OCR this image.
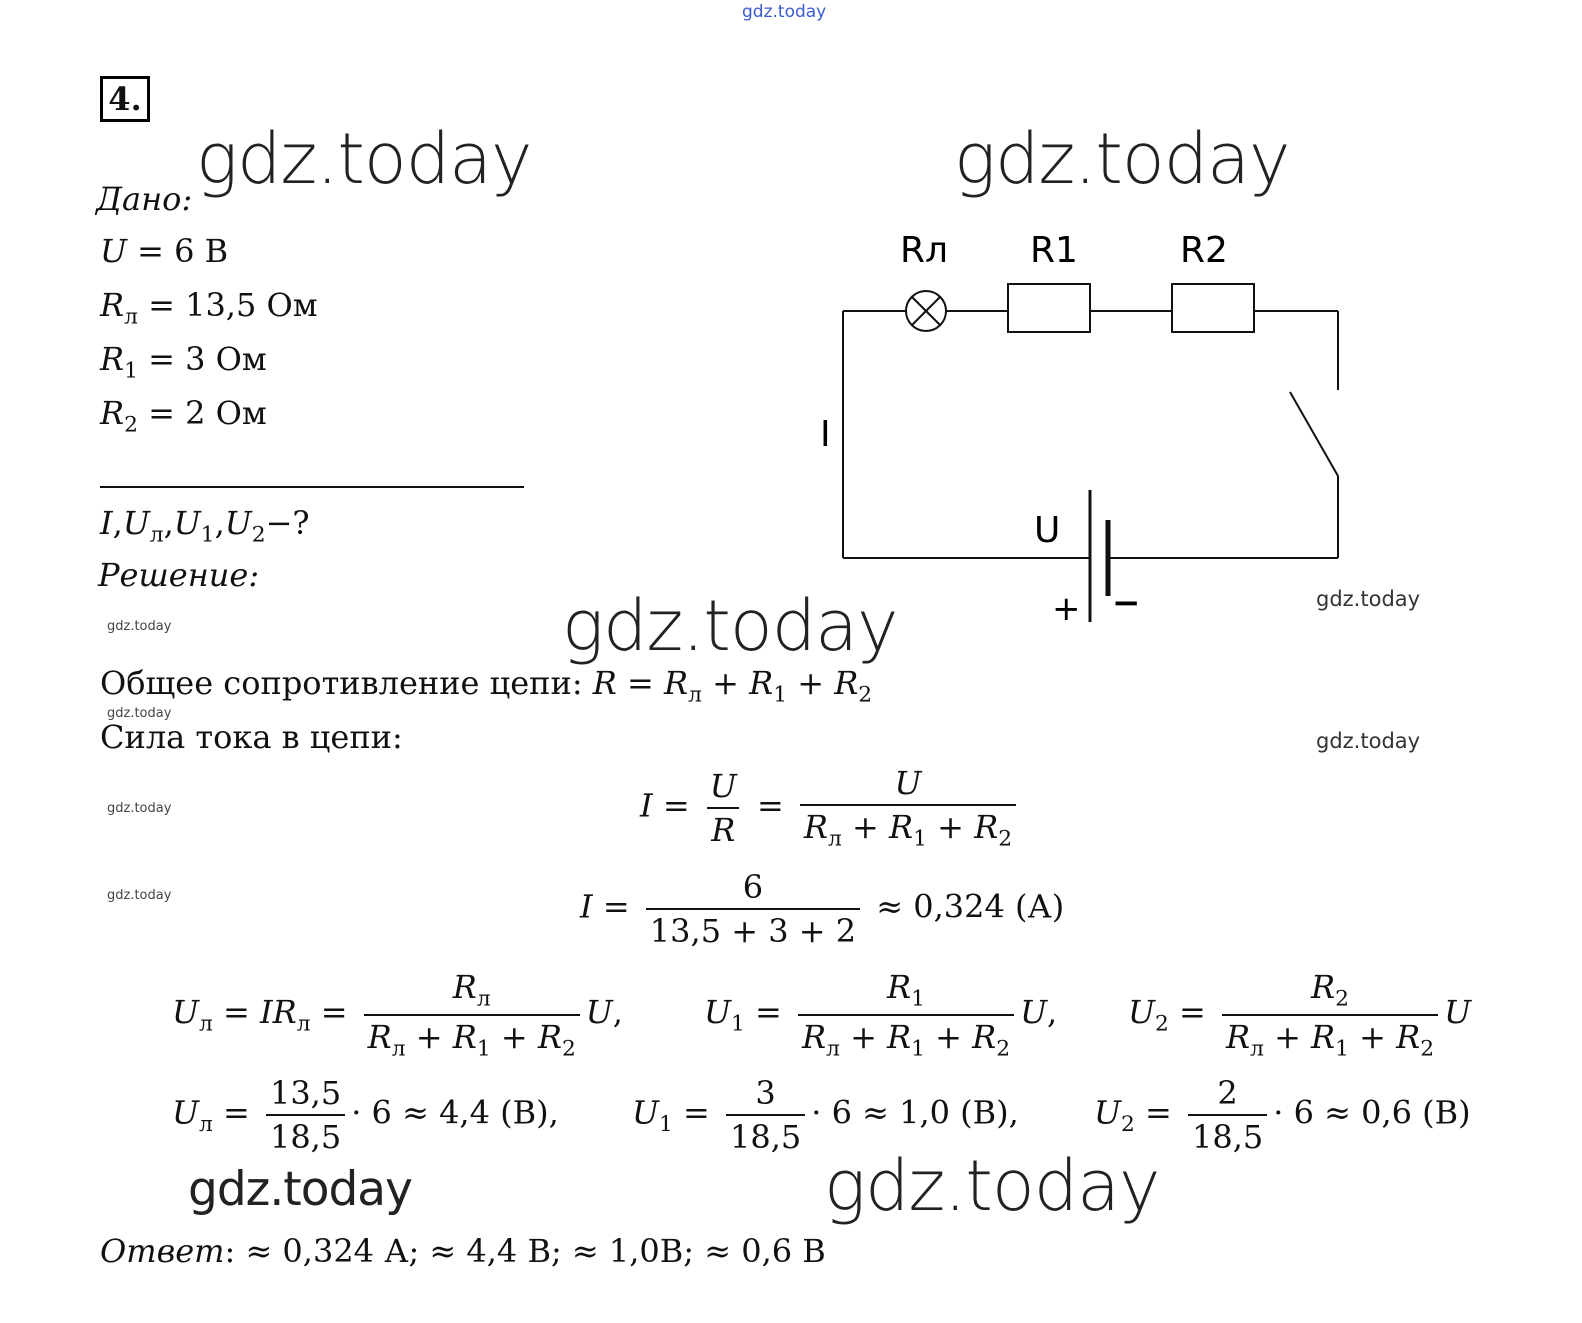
gdz.today
4.
gdz.today	gdz.today
gdz.today
gdz.today
gdz.today
gdz.today
gdz.today
gdz.today
gdz.today
gdz.today
gdz.today
Дано:
U = 6 В
$R_л = 13,5$ Ом
$R_1 = 3$ Ом
$R_2 = 2$ Ом
$I,U_л,U_1,U_2-$?
Решение:
Rл R1	R2
I
U
+ −
Общее сопротивление цепи: $R = R_л + R_1 + R_2$
Сила тока в цепи:
$I = \frac{U}{R} = \frac{U}{R_л + R_1 + R_2}$
$I = \frac{6}{13,5 + 3 + 2} \approx 0,324$ (А)
$U_л = IR_л = \frac{R_л}{R_л + R_1 + R_2} U$,	$U_1 = \frac{R_1}{R_л + R_1 + R_2} U$, $U_2 = \frac{R_2}{R_л + R_1 + R_2}$ U
$U_л = \frac{13,5}{18,5} \cdot 6 \approx 4,4$ (В), $U_1 = \frac{3}{18,5} \cdot 6 \approx 1,0$ (В), $U_2 = \frac{2}{18,5} \cdot 6 \approx 0,6$ (В)
Ответ: ≈ 0,324 А; ≈ 4,4 В; ≈ 1,0В; ≈ 0,6 В
